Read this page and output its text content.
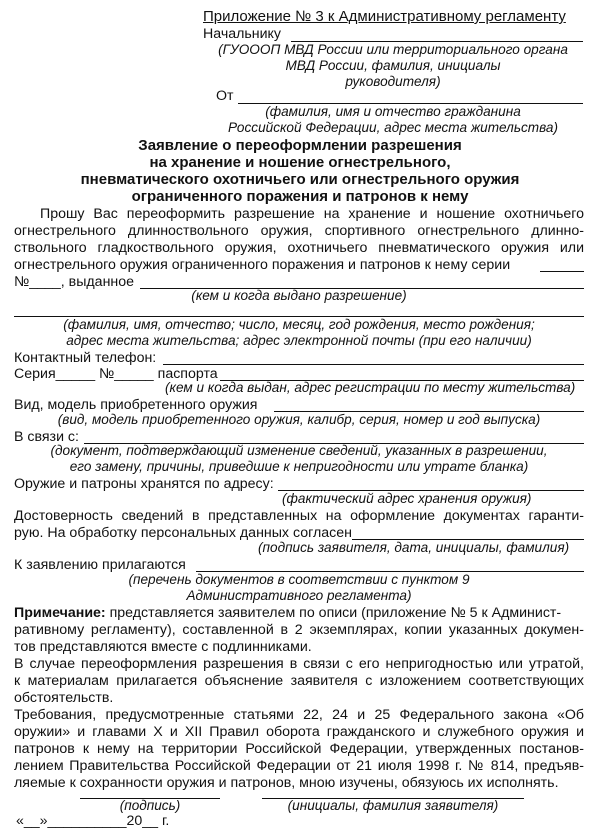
Приложение № 3 к Административному регламенту
Начальнику
(ГУОООП МВД России или территориального органа
МВД России, фамилия, инициалы
руководителя)
От
(фамилия, имя и отчество гражданина
Российской Федерации, адрес места жительства)
Заявление о переоформлении разрешения
на хранение и ношение огнестрельного,
пневматического охотничьего или огнестрельного оружия
ограниченного поражения и патронов к нему
Прошу Вас переоформить разрешение на хранение и ношение охотничьего
огнестрельного длинноствольного оружия, спортивного огнестрельного длинно-
ствольного гладкоствольного оружия, охотничьего пневматического оружия или
огнестрельного оружия ограниченного поражения и патронов к нему серии
№____, выданное
(кем и когда выдано разрешение)
(фамилия, имя, отчество; число, месяц, год рождения, место рождения;
адрес места жительства; адрес электронной почты (при его наличии)
Контактный телефон:
Серия_____ №_____ паспорта
(кем и когда выдан, адрес регистрации по месту жительства)
Вид, модель приобретенного оружия
(вид, модель приобретенного оружия, калибр, серия, номер и год выпуска)
В связи с:
(документ, подтверждающий изменение сведений, указанных в разрешении,
его замену, причины, приведшие к непригодности или утрате бланка)
Оружие и патроны хранятся по адресу:
(фактический адрес хранения оружия)
Достоверность сведений в представленных на оформление документах гаранти-
рую. На обработку персональных данных согласен
(подпись заявителя, дата, инициалы, фамилия)
К заявлению прилагаются
(перечень документов в соответствии с пунктом 9
Административного регламента)
Примечание: представляется заявителем по описи (приложение № 5 к Админист-
ративному регламенту), составленной в 2 экземплярах, копии указанных докумен-
тов представляются вместе с подлинниками.
В случае переоформления разрешения в связи с его непригодностью или утратой,
к материалам прилагается объяснение заявителя с изложением соответствующих
обстоятельств.
Требования, предусмотренные статьями 22, 24 и 25 Федерального закона «Об
оружии» и главами X и XII Правил оборота гражданского и служебного оружия и
патронов к нему на территории Российской Федерации, утвержденных постанов-
лением Правительства Российской Федерации от 21 июля 1998 г. № 814, предъяв-
ляемые к сохранности оружия и патронов, мною изучены, обязуюсь их исполнять.
(подпись)	(инициалы, фамилия заявителя)
«__»__________20__ г.
